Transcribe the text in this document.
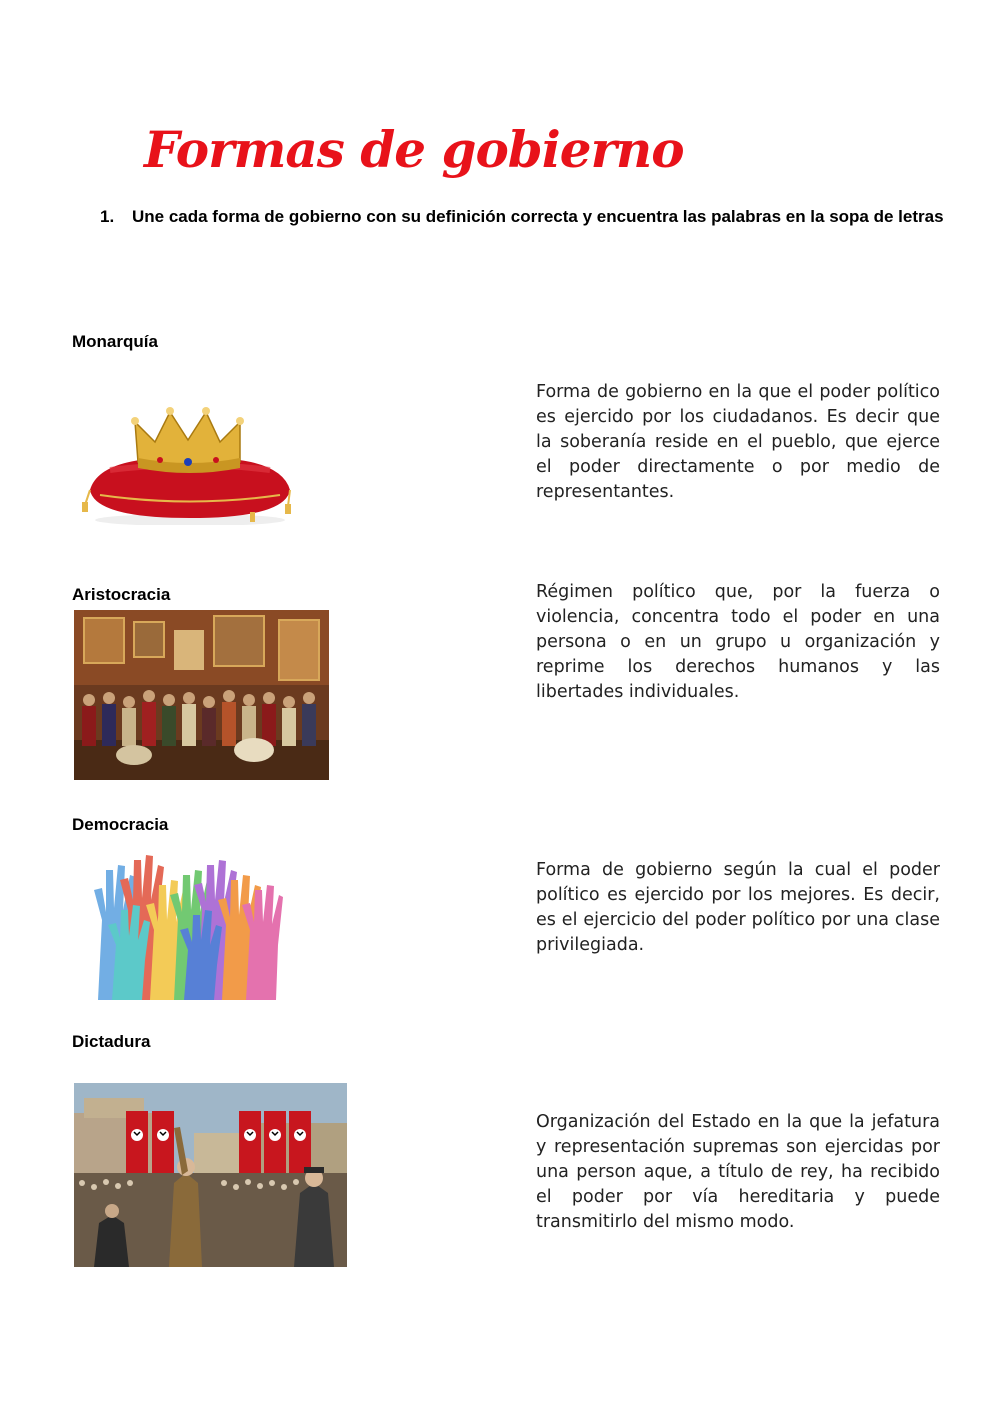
Formas de gobierno
1. Une cada forma de gobierno con su definición correcta y encuentra las palabras en la sopa de letras
Monarquía
Forma de gobierno en la que el poder político es ejercido por los ciudadanos. Es decir que la soberanía reside en el pueblo, que ejerce el poder directamente o por medio de representantes.
Aristocracia	Régimen político que, por la fuerza o violencia, concentra todo el poder en una persona o en un grupo u organización y reprime los derechos humanos y las libertades individuales.
Democracia
Forma de gobierno según la cual el poder político es ejercido por los mejores. Es decir, es el ejercicio del poder político por una clase privilegiada.
Dictadura
Organización del Estado en la que la jefatura y representación supremas son ejercidas por una person aque, a título de rey, ha recibido el poder por vía hereditaria y puede transmitirlo del mismo modo.
